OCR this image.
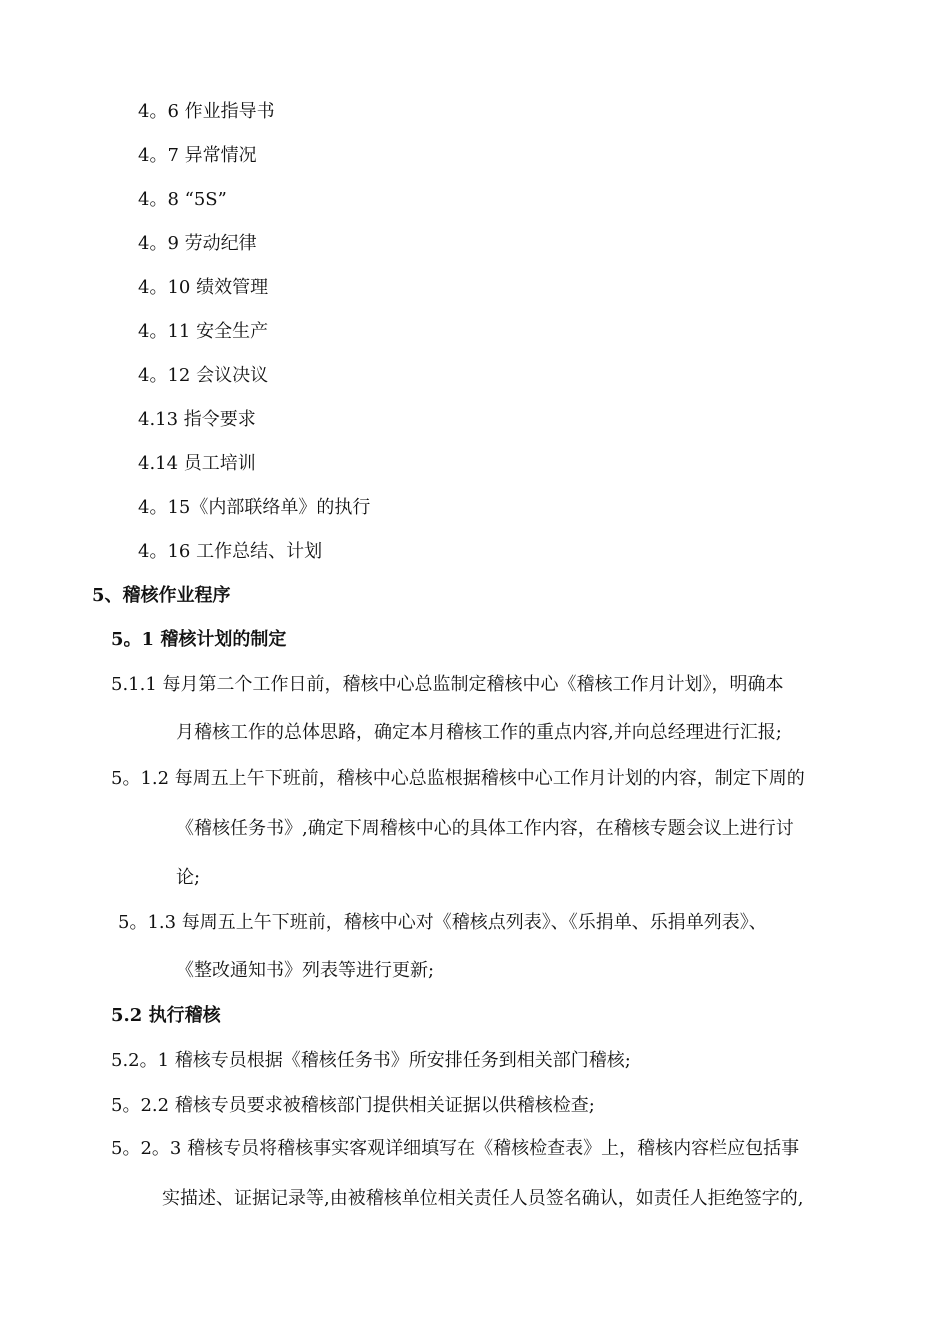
4。6 作业指导书
4。7 异常情况
4。8 “5S”
4。9 劳动纪律
4。10 绩效管理
4。11 安全生产
4。12 会议决议
4.13 指令要求
4.14 员工培训
4。15《内部联络单》的执行
4。16 工作总结、计划
5、稽核作业程序
5。1 稽核计划的制定
5.1.1 每月第二个工作日前，稽核中心总监制定稽核中心《稽核工作月计划》，明确本
月稽核工作的总体思路，确定本月稽核工作的重点内容,并向总经理进行汇报;
5。1.2 每周五上午下班前，稽核中心总监根据稽核中心工作月计划的内容，制定下周的
《稽核任务书》,确定下周稽核中心的具体工作内容，在稽核专题会议上进行讨
论;
5。1.3 每周五上午下班前，稽核中心对《稽核点列表》、《乐捐单、乐捐单列表》、
《整改通知书》列表等进行更新;
5.2 执行稽核
5.2。1 稽核专员根据《稽核任务书》所安排任务到相关部门稽核;
5。2.2 稽核专员要求被稽核部门提供相关证据以供稽核检查;
5。2。3 稽核专员将稽核事实客观详细填写在《稽核检查表》上，稽核内容栏应包括事
实描述、证据记录等,由被稽核单位相关责任人员签名确认，如责任人拒绝签字的,
